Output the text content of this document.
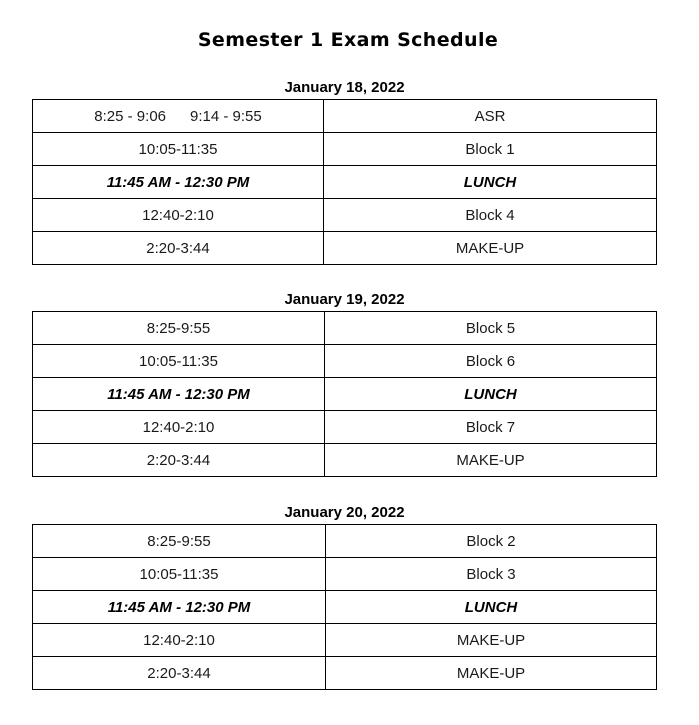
Semester 1 Exam Schedule
January 18, 2022
8:25 - 9:06 9:14 - 9:55	ASR
10:05-11:35	Block 1
11:45 AM - 12:30 PM	LUNCH
12:40-2:10	Block 4
2:20-3:44	MAKE-UP
January 19, 2022
8:25-9:55	Block 5
10:05-11:35	Block 6
11:45 AM - 12:30 PM	LUNCH
12:40-2:10	Block 7
2:20-3:44	MAKE-UP
January 20, 2022
8:25-9:55	Block 2
10:05-11:35	Block 3
11:45 AM - 12:30 PM	LUNCH
12:40-2:10	MAKE-UP
2:20-3:44	MAKE-UP
